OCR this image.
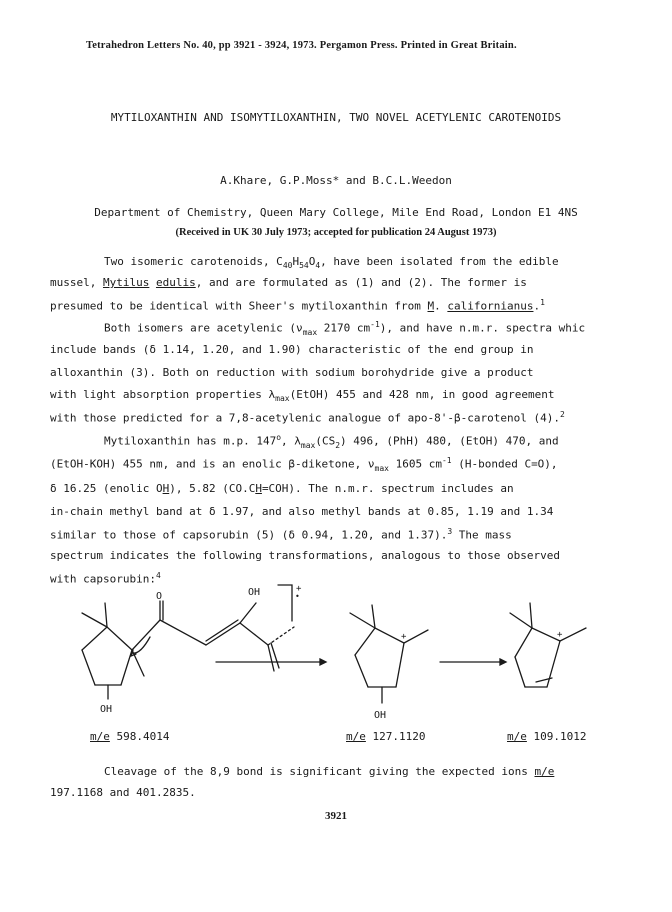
Tetrahedron Letters No. 40, pp 3921 - 3924, 1973. Pergamon Press. Printed in Great Britain.
MYTILOXANTHIN AND ISOMYTILOXANTHIN, TWO NOVEL ACETYLENIC CAROTENOIDS
A.Khare, G.P.Moss* and B.C.L.Weedon
Department of Chemistry, Queen Mary College, Mile End Road, London E1 4NS
(Received in UK 30 July 1973; accepted for publication 24 August 1973)
Two isomeric carotenoids, $C_{40}H_{54}O_4$, have been isolated from the edible
mussel, Mytilus edulis, and are formulated as (1) and (2). The former is
presumed to be identical with Sheer's mytiloxanthin from M. californianus.$^1$
Both isomers are acetylenic ($\nu_{max}$ 2170 $cm^{-1}$), and have n.m.r. spectra whic
include bands (δ 1.14, 1.20, and 1.90) characteristic of the end group in
alloxanthin (3). Both on reduction with sodium borohydride give a product
with light absorption properties $\lambda_{max}(EtOH)$ 455 and 428 nm, in good agreement
with those predicted for a 7,8-acetylenic analogue of apo-8'-β-carotenol (4).$^2$
Mytiloxanthin has m.p. 147$^o$, $\lambda_{max}(CS_2)$ 496, (PhH) 480, (EtOH) 470, and
(EtOH-KOH) 455 nm, and is an enolic β-diketone, $\nu_{max}$ 1605 $cm^{-1}$ (H-bonded C=O),
δ 16.25 (enolic OH), 5.82 (CO.CH=COH). The n.m.r. spectrum includes an
in-chain methyl band at δ 1.97, and also methyl bands at 0.85, 1.19 and 1.34
similar to those of capsorubin (5) (δ 0.94, 1.20, and 1.37).$^3$ The mass
spectrum indicates the following transformations, analogous to those observed
with capsorubin:$^4$
O	OH	+
•
OH
OH
+	+
m/e 598.4014	m/e 127.1120	m/e 109.1012
Cleavage of the 8,9 bond is significant giving the expected ions m/e
197.1168 and 401.2835.
3921
